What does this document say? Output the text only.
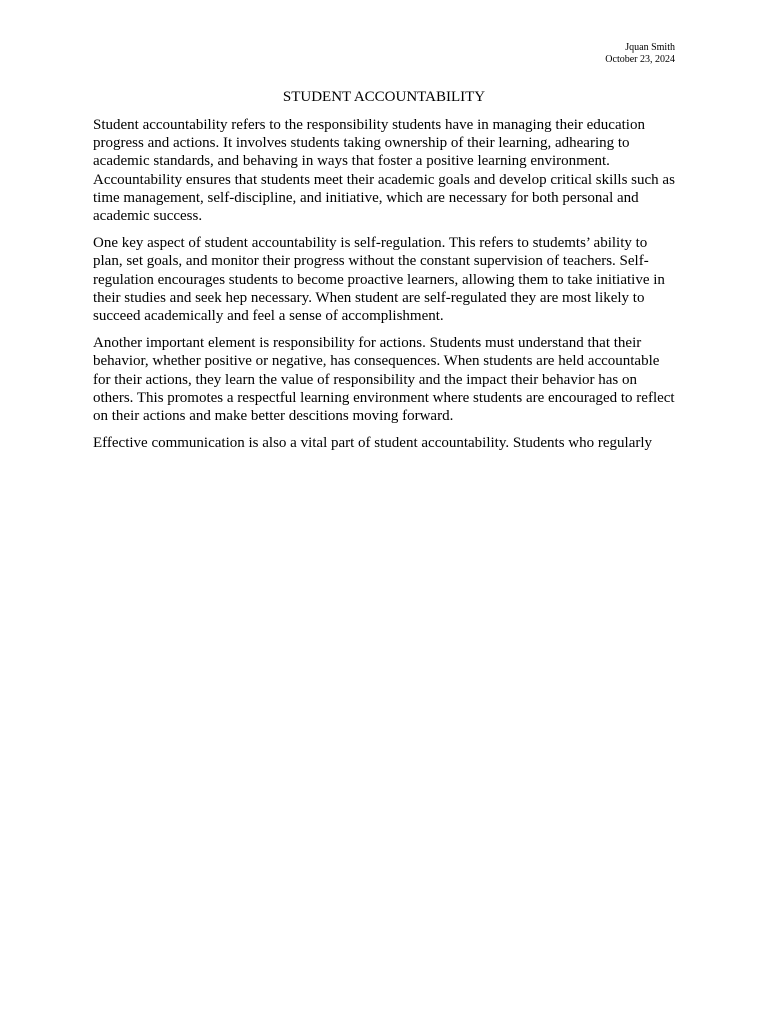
Jquan Smith
October 23, 2024
STUDENT ACCOUNTABILITY

Student accountability refers to the responsibility students have in managing their education progress and actions. It involves students taking ownership of their learning, adhearing to academic standards, and behaving in ways that foster a positive learning environment. Accountability ensures that students meet their academic goals and develop critical skills such as time management, self-discipline, and initiative, which are necessary for both personal and academic success.

One key aspect of student accountability is self-regulation. This refers to studemts’ ability to plan, set goals, and monitor their progress without the constant supervision of teachers. Self-regulation encourages students to become proactive learners, allowing them to take initiative in their studies and seek hep necessary. When student are self-regulated they are most likely to succeed academically and feel a sense of accomplishment.

Another important element is responsibility for actions. Students must understand that their behavior, whether positive or negative, has consequences. When students are held accountable for their actions, they learn the value of responsibility and the impact their behavior has on others. This promotes a respectful learning environment where students are encouraged to reflect on their actions and make better descitions moving forward.

Effective communication is also a vital part of student accountability. Students who regularly
